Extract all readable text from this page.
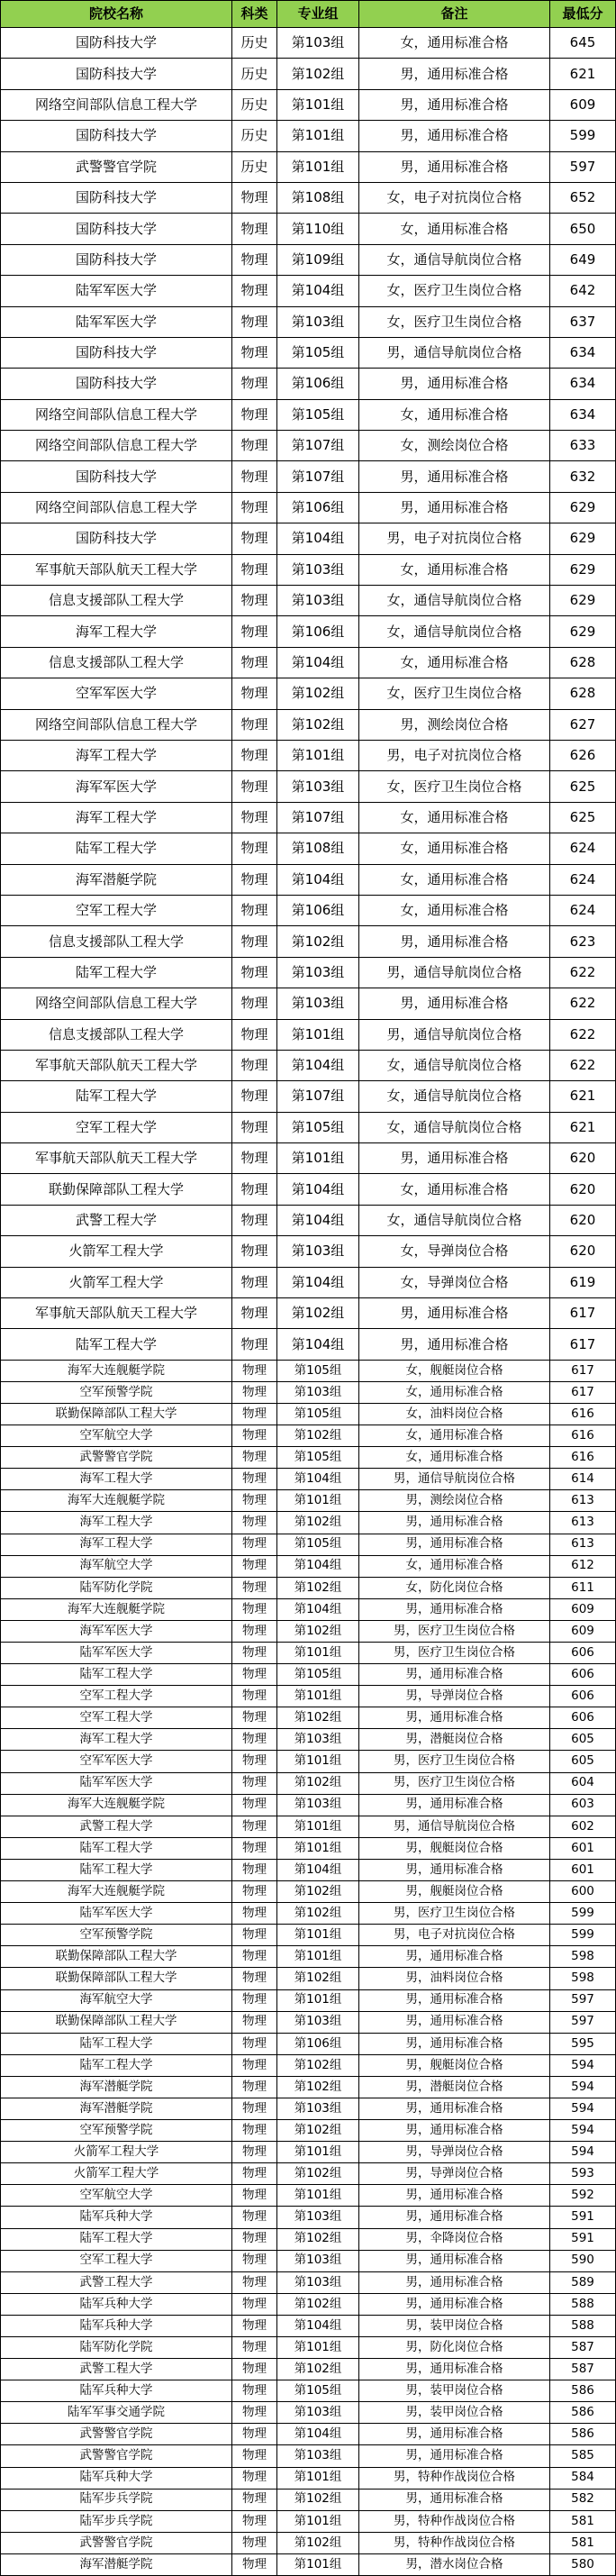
院校名称	科类	专业组	备注	最低分
国防科技大学	历史	第103组	女，通用标准合格	645
国防科技大学	历史	第102组	男，通用标准合格	621
网络空间部队信息工程大学	历史	第101组	男，通用标准合格	609
国防科技大学	历史	第101组	男，通用标准合格	599
武警警官学院	历史	第101组	男，通用标准合格	597
国防科技大学	物理	第108组	女，电子对抗岗位合格	652
国防科技大学	物理	第110组	女，通用标准合格	650
国防科技大学	物理	第109组	女，通信导航岗位合格	649
陆军军医大学	物理	第104组	女，医疗卫生岗位合格	642
陆军军医大学	物理	第103组	女，医疗卫生岗位合格	637
国防科技大学	物理	第105组	男，通信导航岗位合格	634
国防科技大学	物理	第106组	男，通用标准合格	634
网络空间部队信息工程大学	物理	第105组	女，通用标准合格	634
网络空间部队信息工程大学	物理	第107组	女，测绘岗位合格	633
国防科技大学	物理	第107组	男，通用标准合格	632
网络空间部队信息工程大学	物理	第106组	男，通用标准合格	629
国防科技大学	物理	第104组	男，电子对抗岗位合格	629
军事航天部队航天工程大学	物理	第103组	女，通用标准合格	629
信息支援部队工程大学	物理	第103组	女，通信导航岗位合格	629
海军工程大学	物理	第106组	女，通信导航岗位合格	629
信息支援部队工程大学	物理	第104组	女，通用标准合格	628
空军军医大学	物理	第102组	女，医疗卫生岗位合格	628
网络空间部队信息工程大学	物理	第102组	男，测绘岗位合格	627
海军工程大学	物理	第101组	男，电子对抗岗位合格	626
海军军医大学	物理	第103组	女，医疗卫生岗位合格	625
海军工程大学	物理	第107组	女，通用标准合格	625
陆军工程大学	物理	第108组	女，通用标准合格	624
海军潜艇学院	物理	第104组	女，通用标准合格	624
空军工程大学	物理	第106组	女，通用标准合格	624
信息支援部队工程大学	物理	第102组	男，通用标准合格	623
陆军工程大学	物理	第103组	男，通信导航岗位合格	622
网络空间部队信息工程大学	物理	第103组	男，通用标准合格	622
信息支援部队工程大学	物理	第101组	男，通信导航岗位合格	622
军事航天部队航天工程大学	物理	第104组	女，通信导航岗位合格	622
陆军工程大学	物理	第107组	女，通信导航岗位合格	621
空军工程大学	物理	第105组	女，通信导航岗位合格	621
军事航天部队航天工程大学	物理	第101组	男，通用标准合格	620
联勤保障部队工程大学	物理	第104组	女，通用标准合格	620
武警工程大学	物理	第104组	女，通信导航岗位合格	620
火箭军工程大学	物理	第103组	女，导弹岗位合格	620
火箭军工程大学	物理	第104组	女，导弹岗位合格	619
军事航天部队航天工程大学	物理	第102组	男，通用标准合格	617
陆军工程大学	物理	第104组	男，通用标准合格	617
海军大连舰艇学院	物理	第105组	女，舰艇岗位合格	617
空军预警学院	物理	第103组	女，通用标准合格	617
联勤保障部队工程大学	物理	第105组	女，油料岗位合格	616
空军航空大学	物理	第102组	女，通用标准合格	616
武警警官学院	物理	第105组	女，通用标准合格	616
海军工程大学	物理	第104组	男，通信导航岗位合格	614
海军大连舰艇学院	物理	第101组	男，测绘岗位合格	613
海军工程大学	物理	第102组	男，通用标准合格	613
海军工程大学	物理	第105组	男，通用标准合格	613
海军航空大学	物理	第104组	女，通用标准合格	612
陆军防化学院	物理	第102组	女，防化岗位合格	611
海军大连舰艇学院	物理	第104组	男，通用标准合格	609
海军军医大学	物理	第102组	男，医疗卫生岗位合格	609
陆军军医大学	物理	第101组	男，医疗卫生岗位合格	606
陆军工程大学	物理	第105组	男，通用标准合格	606
空军工程大学	物理	第101组	男，导弹岗位合格	606
空军工程大学	物理	第102组	男，通用标准合格	606
海军工程大学	物理	第103组	男，潜艇岗位合格	605
空军军医大学	物理	第101组	男，医疗卫生岗位合格	605
陆军军医大学	物理	第102组	男，医疗卫生岗位合格	604
海军大连舰艇学院	物理	第103组	男，通用标准合格	603
武警工程大学	物理	第101组	男，通信导航岗位合格	602
陆军工程大学	物理	第101组	男，舰艇岗位合格	601
陆军工程大学	物理	第104组	男，通用标准合格	601
海军大连舰艇学院	物理	第102组	男，舰艇岗位合格	600
陆军军医大学	物理	第102组	男，医疗卫生岗位合格	599
空军预警学院	物理	第101组	男，电子对抗岗位合格	599
联勤保障部队工程大学	物理	第101组	男，通用标准合格	598
联勤保障部队工程大学	物理	第102组	男，油料岗位合格	598
海军航空大学	物理	第101组	男，通用标准合格	597
联勤保障部队工程大学	物理	第103组	男，通用标准合格	597
陆军工程大学	物理	第106组	男，通用标准合格	595
陆军工程大学	物理	第102组	男，舰艇岗位合格	594
海军潜艇学院	物理	第102组	男，潜艇岗位合格	594
海军潜艇学院	物理	第103组	男，通用标准合格	594
空军预警学院	物理	第102组	男，通用标准合格	594
火箭军工程大学	物理	第101组	男，导弹岗位合格	594
火箭军工程大学	物理	第102组	男，导弹岗位合格	593
空军航空大学	物理	第101组	男，通用标准合格	592
陆军兵种大学	物理	第103组	男，通用标准合格	591
陆军工程大学	物理	第102组	男，伞降岗位合格	591
空军工程大学	物理	第103组	男，通用标准合格	590
武警工程大学	物理	第103组	男，通用标准合格	589
陆军兵种大学	物理	第102组	男，通用标准合格	588
陆军兵种大学	物理	第104组	男，装甲岗位合格	588
陆军防化学院	物理	第101组	男，防化岗位合格	587
武警工程大学	物理	第102组	男，通用标准合格	587
陆军兵种大学	物理	第105组	男，装甲岗位合格	586
陆军军事交通学院	物理	第103组	男，装甲岗位合格	586
武警警官学院	物理	第104组	男，通用标准合格	586
武警警官学院	物理	第103组	男，通用标准合格	585
陆军兵种大学	物理	第101组	男，特种作战岗位合格	584
陆军步兵学院	物理	第102组	男，通用标准合格	582
陆军步兵学院	物理	第101组	男，特种作战岗位合格	581
武警警官学院	物理	第102组	男，特种作战岗位合格	581
海军潜艇学院	物理	第101组	男，潜水岗位合格	580
